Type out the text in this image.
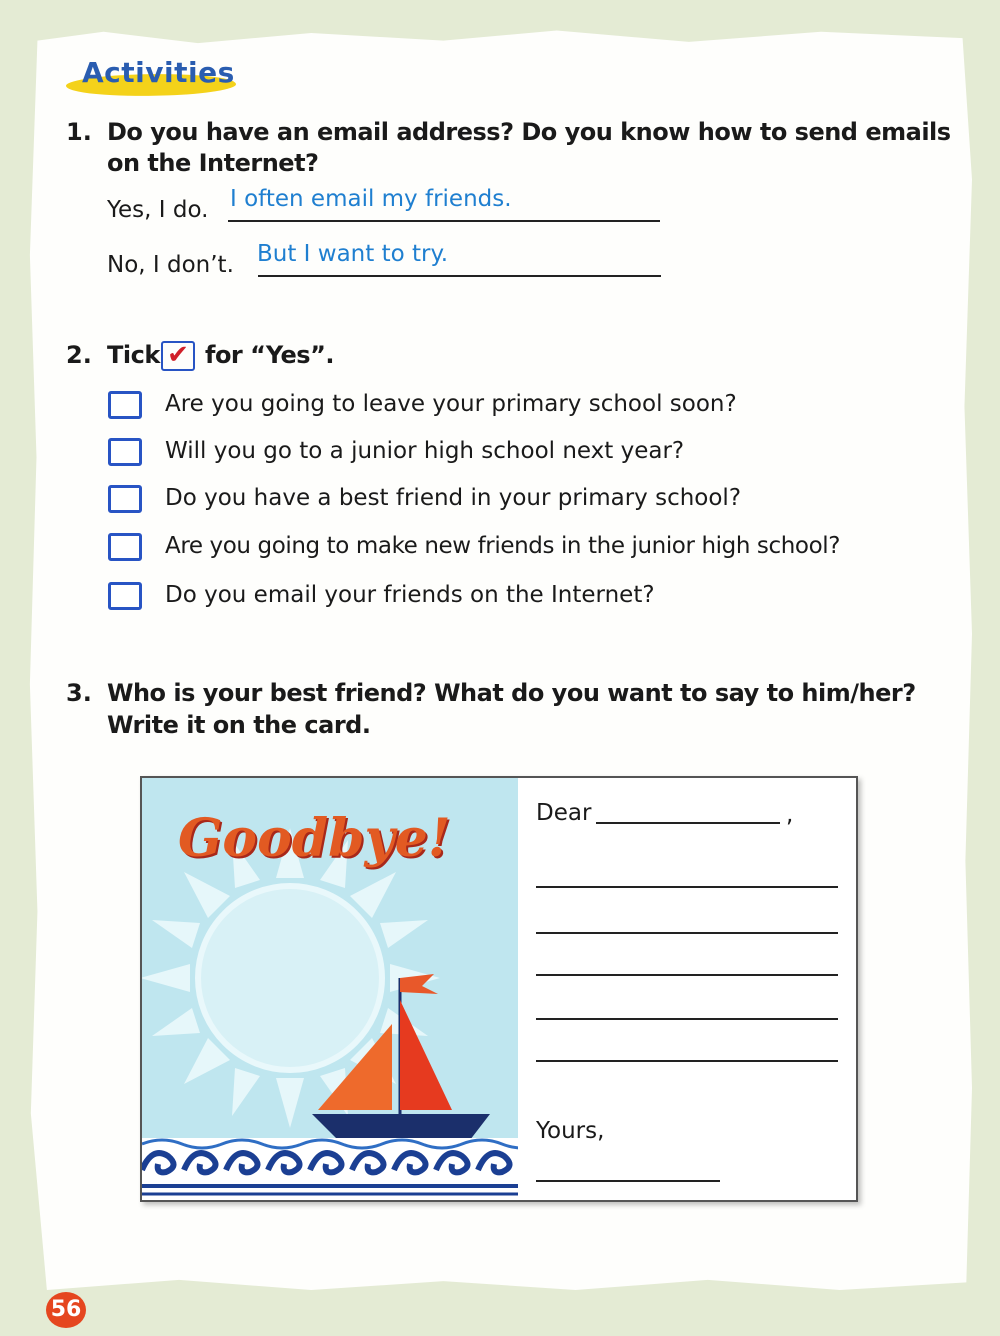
Activities
1. Do you have an email address? Do you know how to send emails
on the Internet?
Yes, I do. I often email my friends.
No, I don’t. But I want to try.
2. Tick ✔ for “Yes”.
Are you going to leave your primary school soon?
Will you go to a junior high school next year?
Do you have a best friend in your primary school?
Are you going to make new friends in the junior high school?
Do you email your friends on the Internet?
3. Who is your best friend? What do you want to say to him/her?
Write it on the card.
Goodbye!	Dear	,
Yours,
56
